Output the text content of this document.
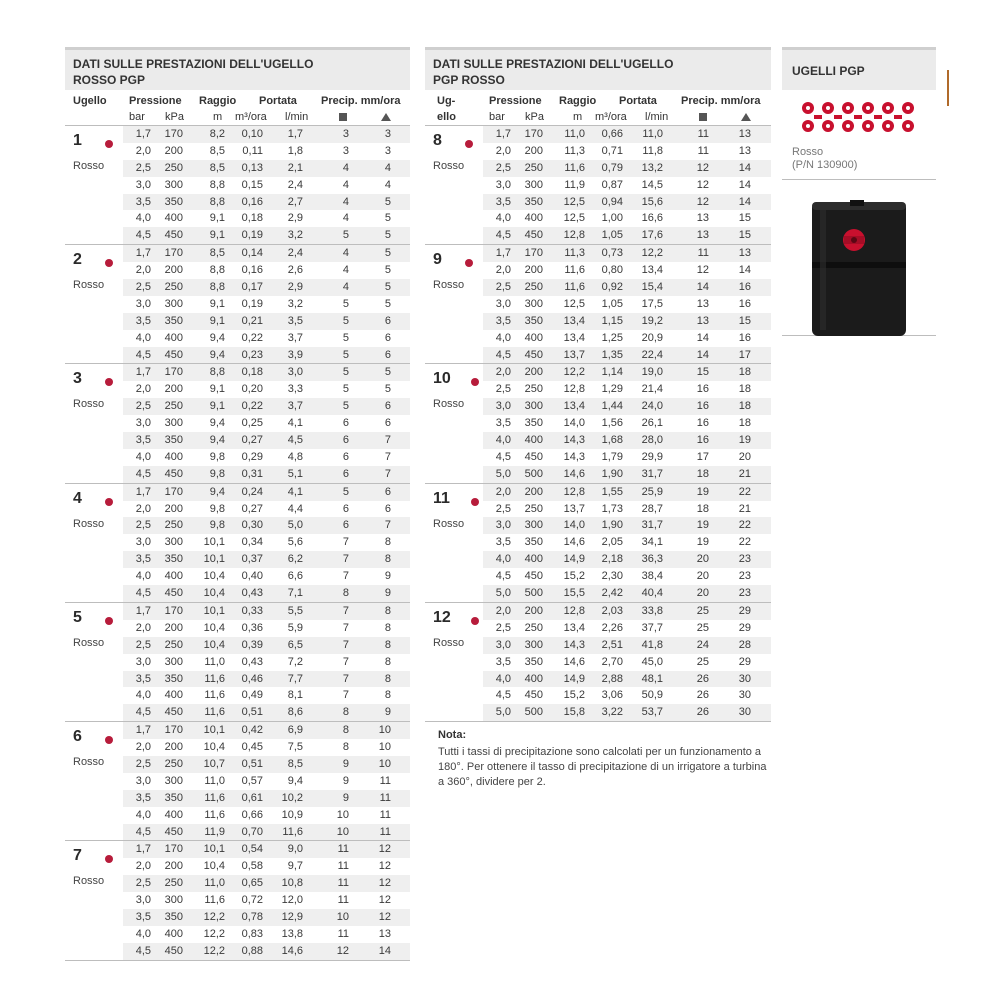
DATI SULLE PRESTAZIONI DELL'UGELLO
ROSSO PGP
Ugello Pressione Raggio Portata Precip. mm/ora
bar kPa	m m³/ora l/min
1
Rosso
1,7	170	8,2	0,10	1,7	3	3
2,0	200	8,5	0,11	1,8	3	3
2,5	250	8,5	0,13	2,1	4	4
3,0	300	8,8	0,15	2,4	4	4
3,5	350	8,8	0,16	2,7	4	5
4,0	400	9,1	0,18	2,9	4	5
4,5	450	9,1	0,19	3,2	5	5
2
Rosso
1,7	170	8,5	0,14	2,4	4	5
2,0	200	8,8	0,16	2,6	4	5
2,5	250	8,8	0,17	2,9	4	5
3,0	300	9,1	0,19	3,2	5	5
3,5	350	9,1	0,21	3,5	5	6
4,0	400	9,4	0,22	3,7	5	6
4,5	450	9,4	0,23	3,9	5	6
3
Rosso
1,7	170	8,8	0,18	3,0	5	5
2,0	200	9,1	0,20	3,3	5	5
2,5	250	9,1	0,22	3,7	5	6
3,0	300	9,4	0,25	4,1	6	6
3,5	350	9,4	0,27	4,5	6	7
4,0	400	9,8	0,29	4,8	6	7
4,5	450	9,8	0,31	5,1	6	7
4
Rosso
1,7	170	9,4	0,24	4,1	5	6
2,0	200	9,8	0,27	4,4	6	6
2,5	250	9,8	0,30	5,0	6	7
3,0	300	10,1	0,34	5,6	7	8
3,5	350	10,1	0,37	6,2	7	8
4,0	400	10,4	0,40	6,6	7	9
4,5	450	10,4	0,43	7,1	8	9
5
Rosso
1,7	170	10,1	0,33	5,5	7	8
2,0	200	10,4	0,36	5,9	7	8
2,5	250	10,4	0,39	6,5	7	8
3,0	300	11,0	0,43	7,2	7	8
3,5	350	11,6	0,46	7,7	7	8
4,0	400	11,6	0,49	8,1	7	8
4,5	450	11,6	0,51	8,6	8	9
6
Rosso
1,7	170	10,1	0,42	6,9	8	10
2,0	200	10,4	0,45	7,5	8	10
2,5	250	10,7	0,51	8,5	9	10
3,0	300	11,0	0,57	9,4	9	11
3,5	350	11,6	0,61	10,2	9	11
4,0	400	11,6	0,66	10,9	10	11
4,5	450	11,9	0,70	11,6	10	11
7
Rosso
1,7	170	10,1	0,54	9,0	11	12
2,0	200	10,4	0,58	9,7	11	12
2,5	250	11,0	0,65	10,8	11	12
3,0	300	11,6	0,72	12,0	11	12
3,5	350	12,2	0,78	12,9	10	12
4,0	400	12,2	0,83	13,8	11	13
4,5	450	12,2	0,88	14,6	12	14
DATI SULLE PRESTAZIONI DELL'UGELLO
PGP ROSSO
Ug-
ello
Pressione Raggio Portata Precip. mm/ora
bar kPa	m m³/ora l/min
8
Rosso
1,7	170	11,0	0,66	11,0	11	13
2,0	200	11,3	0,71	11,8	11	13
2,5	250	11,6	0,79	13,2	12	14
3,0	300	11,9	0,87	14,5	12	14
3,5	350	12,5	0,94	15,6	12	14
4,0	400	12,5	1,00	16,6	13	15
4,5	450	12,8	1,05	17,6	13	15
9
Rosso
1,7	170	11,3	0,73	12,2	11	13
2,0	200	11,6	0,80	13,4	12	14
2,5	250	11,6	0,92	15,4	14	16
3,0	300	12,5	1,05	17,5	13	16
3,5	350	13,4	1,15	19,2	13	15
4,0	400	13,4	1,25	20,9	14	16
4,5	450	13,7	1,35	22,4	14	17
10
Rosso
2,0	200	12,2	1,14	19,0	15	18
2,5	250	12,8	1,29	21,4	16	18
3,0	300	13,4	1,44	24,0	16	18
3,5	350	14,0	1,56	26,1	16	18
4,0	400	14,3	1,68	28,0	16	19
4,5	450	14,3	1,79	29,9	17	20
5,0	500	14,6	1,90	31,7	18	21
11
Rosso
2,0	200	12,8	1,55	25,9	19	22
2,5	250	13,7	1,73	28,7	18	21
3,0	300	14,0	1,90	31,7	19	22
3,5	350	14,6	2,05	34,1	19	22
4,0	400	14,9	2,18	36,3	20	23
4,5	450	15,2	2,30	38,4	20	23
5,0	500	15,5	2,42	40,4	20	23
12
Rosso
2,0	200	12,8	2,03	33,8	25	29
2,5	250	13,4	2,26	37,7	25	29
3,0	300	14,3	2,51	41,8	24	28
3,5	350	14,6	2,70	45,0	25	29
4,0	400	14,9	2,88	48,1	26	30
4,5	450	15,2	3,06	50,9	26	30
5,0	500	15,8	3,22	53,7	26	30
Nota:
Tutti i tassi di precipitazione sono calcolati per un funzionamento a 180°. Per ottenere il tasso di precipitazione di un irrigatore a turbina a 360°, dividere per 2.
UGELLI PGP
Rosso
(P/N 130900)
